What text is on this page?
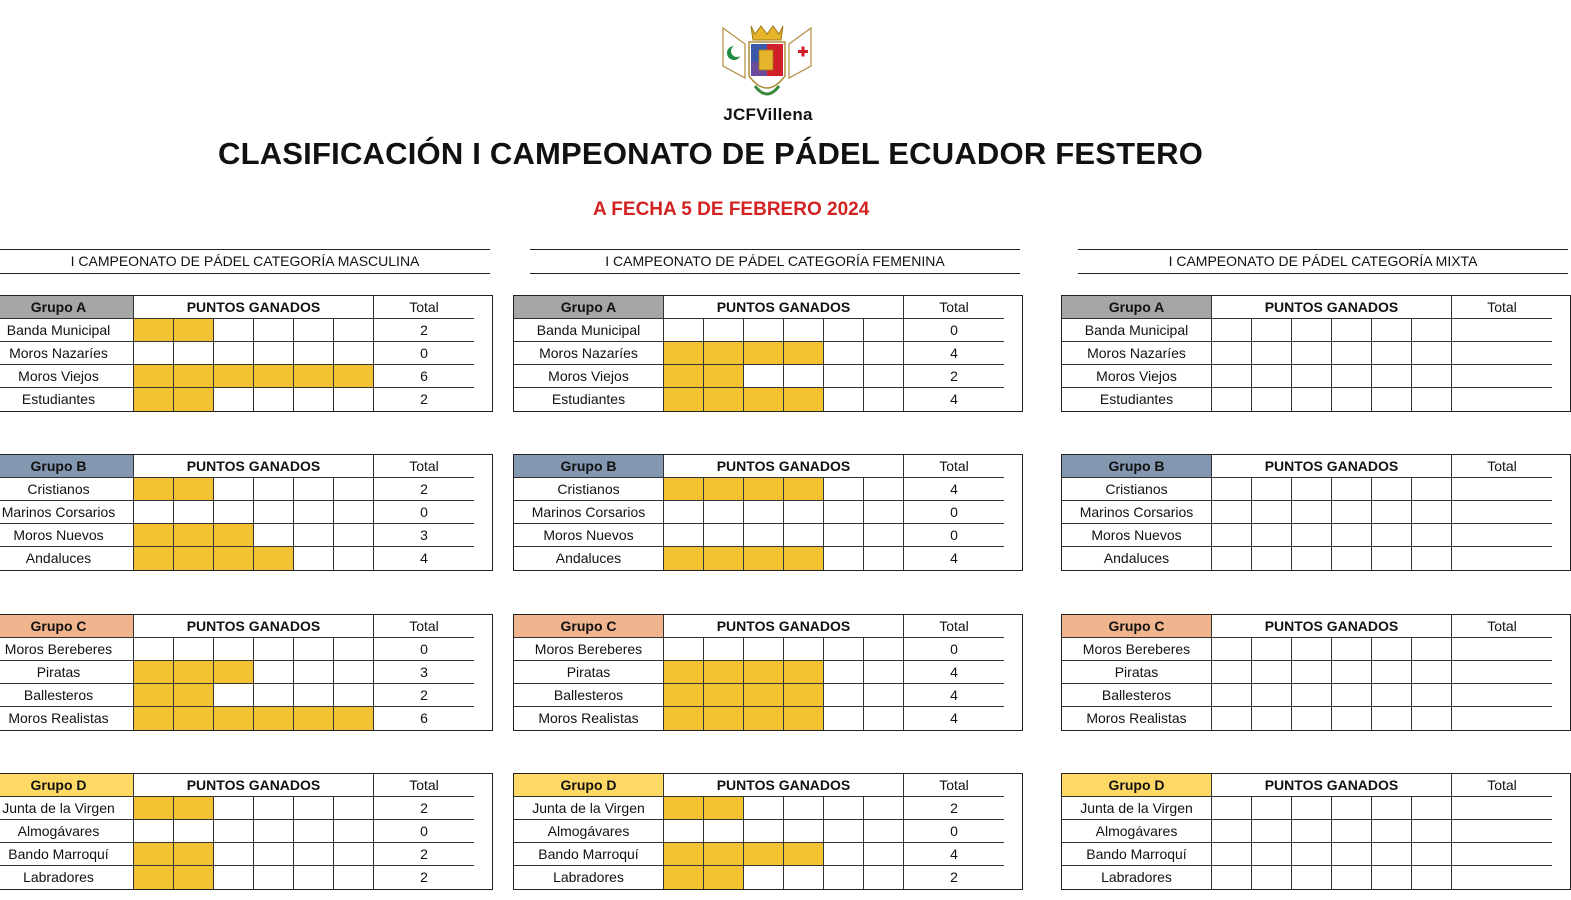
JCFVillena
CLASIFICACIÓN I CAMPEONATO DE PÁDEL ECUADOR FESTERO
A FECHA 5 DE FEBRERO 2024
I CAMPEONATO DE PÁDEL CATEGORÍA MASCULINA
Grupo A	PUNTOS GANADOS	Total
Banda Municipal	2
Moros Nazaríes	0
Moros Viejos	6
Estudiantes	2
Grupo B	PUNTOS GANADOS	Total
Cristianos	2
Marinos Corsarios	0
Moros Nuevos	3
Andaluces	4
Grupo C	PUNTOS GANADOS	Total
Moros Bereberes	0
Piratas	3
Ballesteros	2
Moros Realistas	6
Grupo D	PUNTOS GANADOS	Total
Junta de la Virgen	2
Almogávares	0
Bando Marroquí	2
Labradores	2
I CAMPEONATO DE PÁDEL CATEGORÍA FEMENINA
Grupo A	PUNTOS GANADOS	Total
Banda Municipal	0
Moros Nazaríes	4
Moros Viejos	2
Estudiantes	4
Grupo B	PUNTOS GANADOS	Total
Cristianos	4
Marinos Corsarios	0
Moros Nuevos	0
Andaluces	4
Grupo C	PUNTOS GANADOS	Total
Moros Bereberes	0
Piratas	4
Ballesteros	4
Moros Realistas	4
Grupo D	PUNTOS GANADOS	Total
Junta de la Virgen	2
Almogávares	0
Bando Marroquí	4
Labradores	2
I CAMPEONATO DE PÁDEL CATEGORÍA MIXTA
Grupo A	PUNTOS GANADOS	Total
Banda Municipal
Moros Nazaríes
Moros Viejos
Estudiantes
Grupo B	PUNTOS GANADOS	Total
Cristianos
Marinos Corsarios
Moros Nuevos
Andaluces
Grupo C	PUNTOS GANADOS	Total
Moros Bereberes
Piratas
Ballesteros
Moros Realistas
Grupo D	PUNTOS GANADOS	Total
Junta de la Virgen
Almogávares
Bando Marroquí
Labradores
